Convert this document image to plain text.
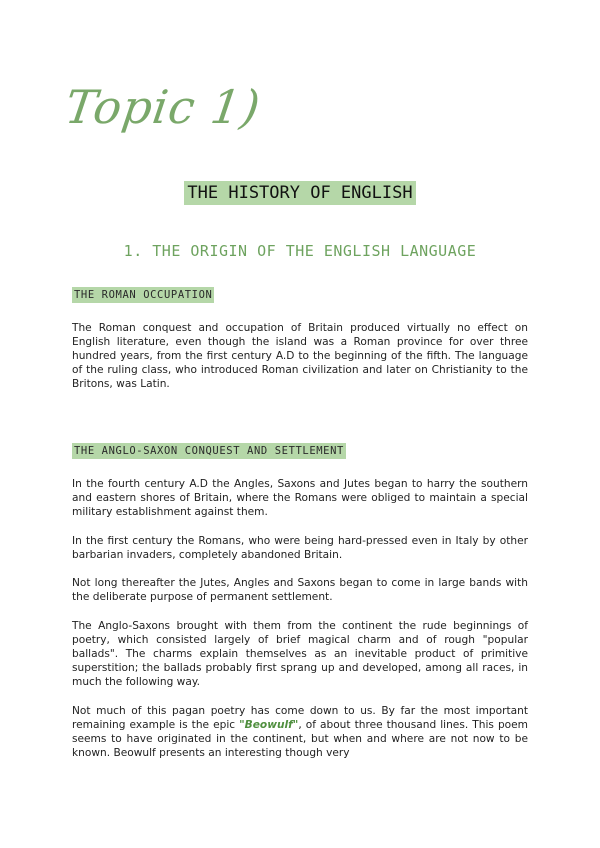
Topic 1)
THE HISTORY OF ENGLISH
1. THE ORIGIN OF THE ENGLISH LANGUAGE
THE ROMAN OCCUPATION

The Roman conquest and occupation of Britain produced virtually no effect on English literature, even though the island was a Roman province for over three hundred years, from the first century A.D to the beginning of the fifth. The language of the ruling class, who introduced Roman civilization and later on Christianity to the Britons, was Latin.

THE ANGLO-SAXON CONQUEST AND SETTLEMENT

In the fourth century A.D the Angles, Saxons and Jutes began to harry the southern and eastern shores of Britain, where the Romans were obliged to maintain a special military establishment against them.

In the first century the Romans, who were being hard-pressed even in Italy by other barbarian invaders, completely abandoned Britain.

Not long thereafter the Jutes, Angles and Saxons began to come in large bands with the deliberate purpose of permanent settlement.

The Anglo-Saxons brought with them from the continent the rude beginnings of poetry, which consisted largely of brief magical charm and of rough "popular ballads". The charms explain themselves as an inevitable product of primitive superstition; the ballads probably first sprang up and developed, among all races, in much the following way.

Not much of this pagan poetry has come down to us. By far the most important remaining example is the epic "Beowulf", of about three thousand lines. This poem seems to have originated in the continent, but when and where are not now to be known. Beowulf presents an interesting though very
